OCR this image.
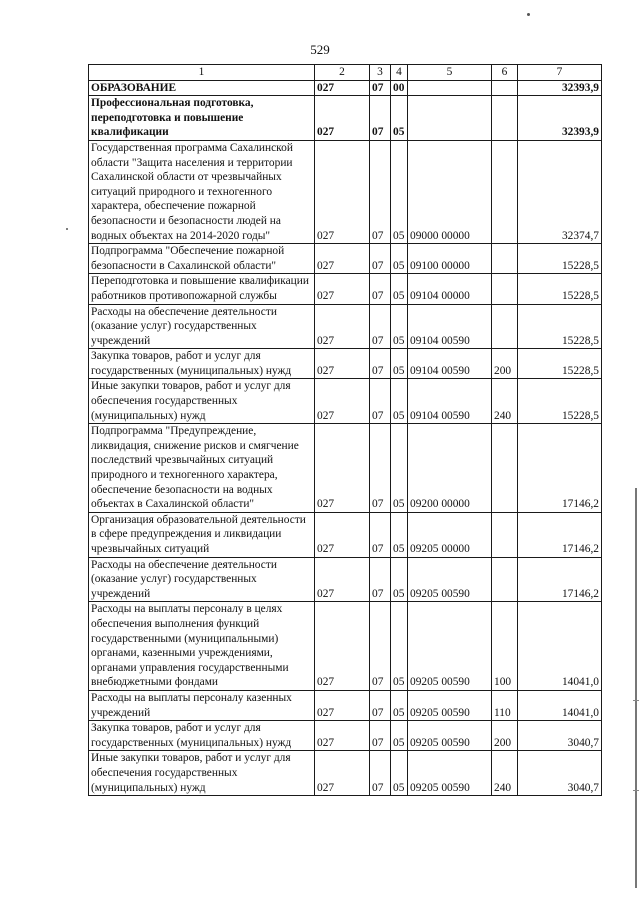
529
1	2	3	4	5	6	7
ОБРАЗОВАНИЕ	027	07	00			32393,9
Профессиональная подготовка, переподготовка и повышение квалификации	027	07	05			32393,9
Государственная программа Сахалинской области "Защита населения и территории Сахалинской области от чрезвычайных ситуаций природного и техногенного характера, обеспечение пожарной безопасности и безопасности людей на водных объектах на 2014-2020 годы"	027	07	05	09000 00000		32374,7
Подпрограмма "Обеспечение пожарной безопасности в Сахалинской области"	027	07	05	09100 00000		15228,5
Переподготовка и повышение квалификации работников противопожарной службы	027	07	05	09104 00000		15228,5
Расходы на обеспечение деятельности (оказание услуг) государственных учреждений	027	07	05	09104 00590		15228,5
Закупка товаров, работ и услуг для государственных (муниципальных) нужд	027	07	05	09104 00590	200	15228,5
Иные закупки товаров, работ и услуг для обеспечения государственных (муниципальных) нужд	027	07	05	09104 00590	240	15228,5
Подпрограмма "Предупреждение, ликвидация, снижение рисков и смягчение последствий чрезвычайных ситуаций природного и техногенного характера, обеспечение безопасности на водных объектах в Сахалинской области"	027	07	05	09200 00000		17146,2
Организация образовательной деятельности в сфере предупреждения и ликвидации чрезвычайных ситуаций	027	07	05	09205 00000		17146,2
Расходы на обеспечение деятельности (оказание услуг) государственных учреждений	027	07	05	09205 00590		17146,2
Расходы на выплаты персоналу в целях обеспечения выполнения функций государственными (муниципальными) органами, казенными учреждениями, органами управления государственными внебюджетными фондами	027	07	05	09205 00590	100	14041,0
Расходы на выплаты персоналу казенных учреждений	027	07	05	09205 00590	110	14041,0
Закупка товаров, работ и услуг для государственных (муниципальных) нужд	027	07	05	09205 00590	200	3040,7
Иные закупки товаров, работ и услуг для обеспечения государственных (муниципальных) нужд	027	07	05	09205 00590	240	3040,7
